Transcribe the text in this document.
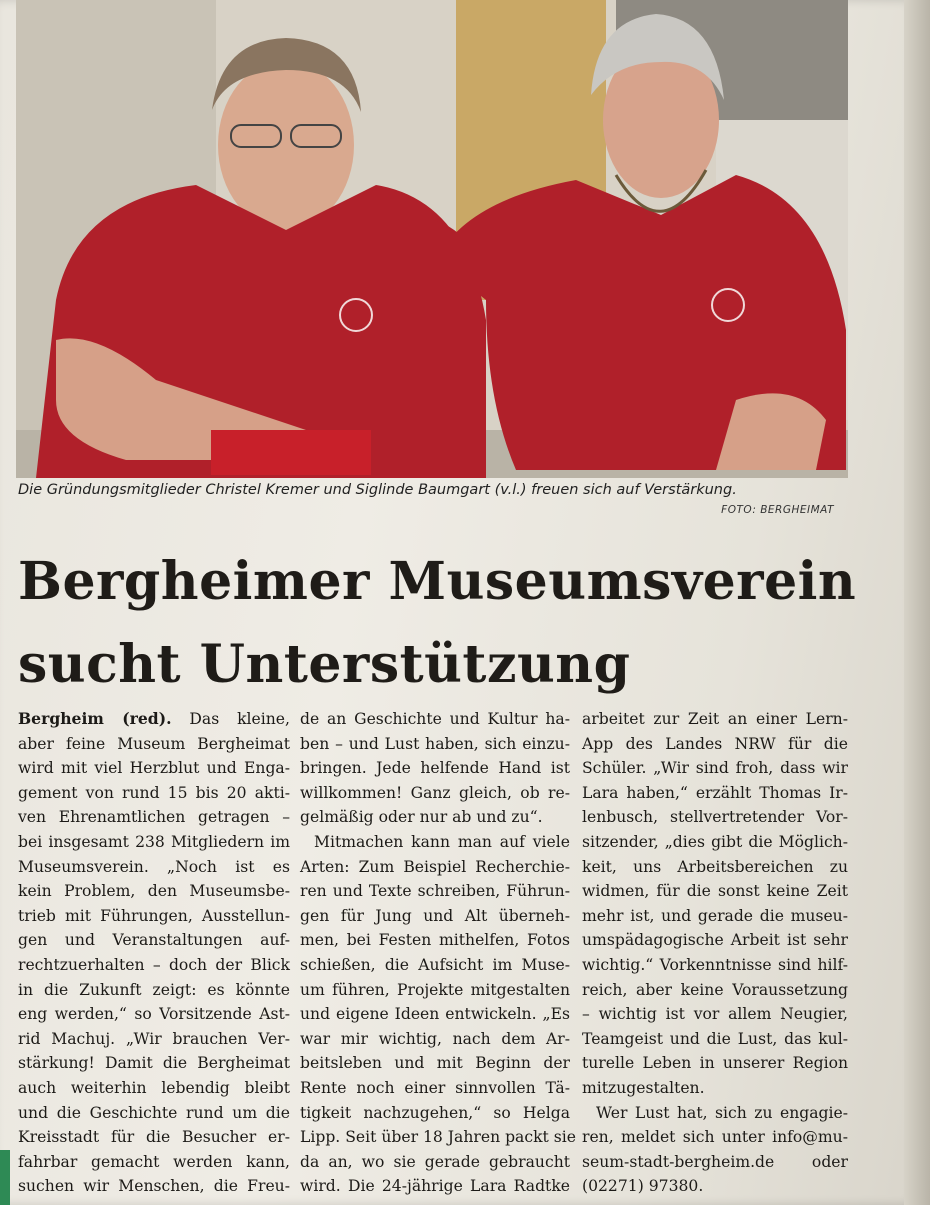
Die Gründungsmitglieder Christel Kremer und Siglinde Baumgart (v.l.) freuen sich auf Verstärkung.
FOTO: BERGHEIMAT
Bergheimer Museumsverein
sucht Unterstützung
Bergheim (red). Das kleine,
aber feine Museum Bergheimat
wird mit viel Herzblut und Enga-
gement von rund 15 bis 20 akti-
ven Ehrenamtlichen getragen –
bei insgesamt 238 Mitgliedern im
Museumsverein. „Noch ist es
kein Problem, den Museumsbe-
trieb mit Führungen, Ausstellun-
gen und Veranstaltungen auf-
rechtzuerhalten – doch der Blick
in die Zukunft zeigt: es könnte
eng werden,“ so Vorsitzende Ast-
rid Machuj. „Wir brauchen Ver-
stärkung! Damit die Bergheimat
auch weiterhin lebendig bleibt
und die Geschichte rund um die
Kreisstadt für die Besucher er-
fahrbar gemacht werden kann,
suchen wir Menschen, die Freu-
de an Geschichte und Kultur ha-
ben – und Lust haben, sich einzu-
bringen. Jede helfende Hand ist
willkommen! Ganz gleich, ob re-
gelmäßig oder nur ab und zu“.
Mitmachen kann man auf viele
Arten: Zum Beispiel Recherchie-
ren und Texte schreiben, Führun-
gen für Jung und Alt überneh-
men, bei Festen mithelfen, Fotos
schießen, die Aufsicht im Muse-
um führen, Projekte mitgestalten
und eigene Ideen entwickeln. „Es
war mir wichtig, nach dem Ar-
beitsleben und mit Beginn der
Rente noch einer sinnvollen Tä-
tigkeit nachzugehen,“ so Helga
Lipp. Seit über 18 Jahren packt sie
da an, wo sie gerade gebraucht
wird. Die 24-jährige Lara Radtke
arbeitet zur Zeit an einer Lern-
App des Landes NRW für die
Schüler. „Wir sind froh, dass wir
Lara haben,“ erzählt Thomas Ir-
lenbusch, stellvertretender Vor-
sitzender, „dies gibt die Möglich-
keit, uns Arbeitsbereichen zu
widmen, für die sonst keine Zeit
mehr ist, und gerade die museu-
umspädagogische Arbeit ist sehr
wichtig.“ Vorkenntnisse sind hilf-
reich, aber keine Voraussetzung
– wichtig ist vor allem Neugier,
Teamgeist und die Lust, das kul-
turelle Leben in unserer Region
mitzugestalten.
Wer Lust hat, sich zu engagie-
ren, meldet sich unter info@mu-
seum-stadt-bergheim.de oder
(02271) 97380.
